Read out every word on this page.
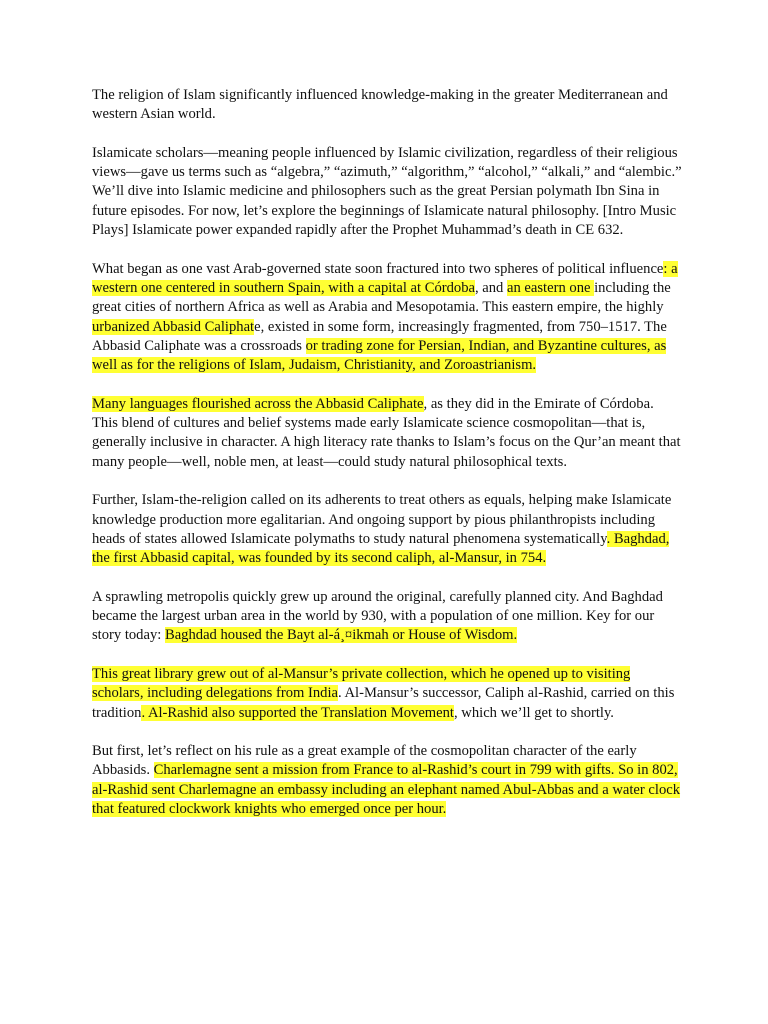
The religion of Islam significantly influenced knowledge-making in the greater Mediterranean and western Asian world.

Islamicate scholars—meaning people influenced by Islamic civilization, regardless of their religious views—gave us terms such as “algebra,” “azimuth,” “algorithm,” “alcohol,” “alkali,” and “alembic.” We’ll dive into Islamic medicine and philosophers such as the great Persian polymath Ibn Sina in future episodes. For now, let’s explore the beginnings of Islamicate natural philosophy. [Intro Music Plays] Islamicate power expanded rapidly after the Prophet Muhammad’s death in CE 632.

What began as one vast Arab-governed state soon fractured into two spheres of political influence: a western one centered in southern Spain, with a capital at Córdoba, and an eastern one including the great cities of northern Africa as well as Arabia and Mesopotamia. This eastern empire, the highly urbanized Abbasid Caliphate, existed in some form, increasingly fragmented, from 750–1517. The Abbasid Caliphate was a crossroads or trading zone for Persian, Indian, and Byzantine cultures, as well as for the religions of Islam, Judaism, Christianity, and Zoroastrianism.

Many languages flourished across the Abbasid Caliphate, as they did in the Emirate of Córdoba. This blend of cultures and belief systems made early Islamicate science cosmopolitan—that is, generally inclusive in character. A high literacy rate thanks to Islam’s focus on the Qur’an meant that many people—well, noble men, at least—could study natural philosophical texts.

Further, Islam-the-religion called on its adherents to treat others as equals, helping make Islamicate knowledge production more egalitarian. And ongoing support by pious philanthropists including heads of states allowed Islamicate polymaths to study natural phenomena systematically. Baghdad, the first Abbasid capital, was founded by its second caliph, al-Mansur, in 754.

A sprawling metropolis quickly grew up around the original, carefully planned city. And Baghdad became the largest urban area in the world by 930, with a population of one million. Key for our story today: Baghdad housed the Bayt al-á¸¤ikmah or House of Wisdom.

This great library grew out of al-Mansur’s private collection, which he opened up to visiting scholars, including delegations from India. Al-Mansur’s successor, Caliph al-Rashid, carried on this tradition. Al-Rashid also supported the Translation Movement, which we’ll get to shortly.

But first, let’s reflect on his rule as a great example of the cosmopolitan character of the early Abbasids. Charlemagne sent a mission from France to al-Rashid’s court in 799 with gifts. So in 802, al-Rashid sent Charlemagne an embassy including an elephant named Abul-Abbas and a water clock that featured clockwork knights who emerged once per hour.
